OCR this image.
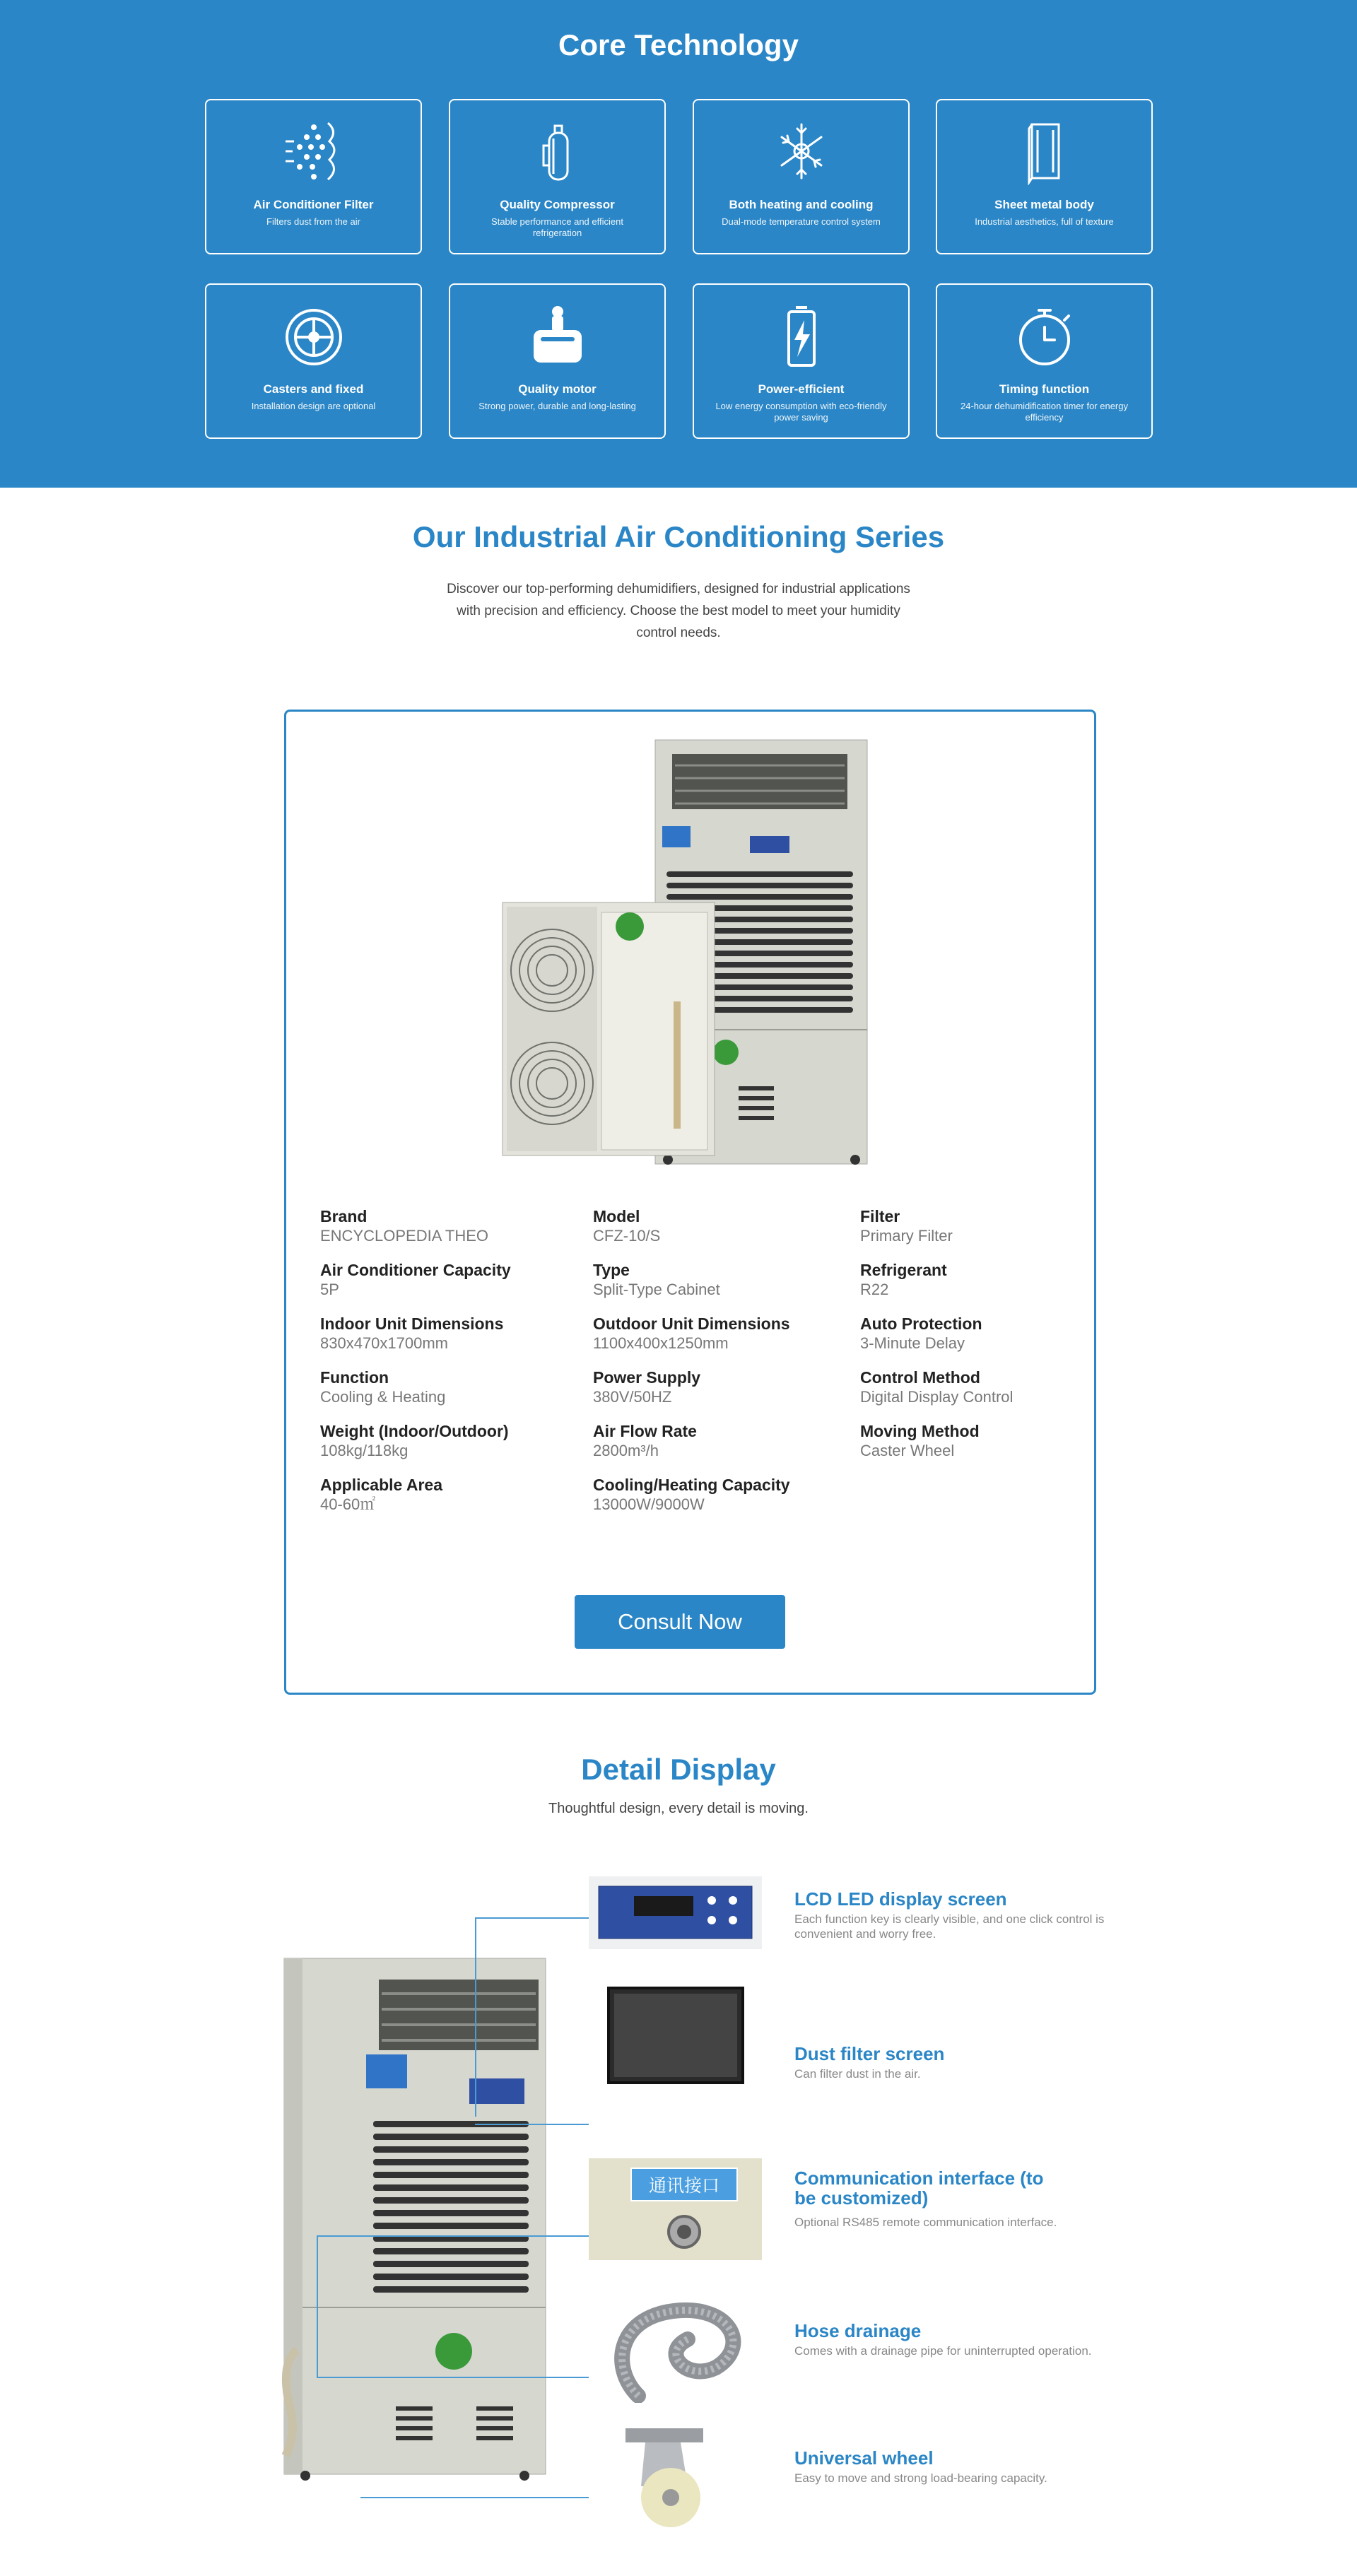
Core Technology
Air Conditioner Filter
Filters dust from the air
Quality Compressor
Stable performance and efficient refrigeration
Both heating and cooling
Dual-mode temperature control system
Sheet metal body
Industrial aesthetics, full of texture
Casters and fixed
Installation design are optional
Quality motor
Strong power, durable and long-lasting
Power-efficient
Low energy consumption with eco-friendly power saving
Timing function
24-hour dehumidification timer for energy efficiency
Our Industrial Air Conditioning Series

Discover our top-performing dehumidifiers, designed for industrial applications with precision and efficiency. Choose the best model to meet your humidity control needs.

Brand
ENCYCLOPEDIA THEO
Air Conditioner Capacity
5P
Indoor Unit Dimensions
830x470x1700mm
Function
Cooling & Heating
Weight (Indoor/Outdoor)
108kg/118kg
Applicable Area
40-60㎡
Model
CFZ-10/S
Type
Split-Type Cabinet
Outdoor Unit Dimensions
1100x400x1250mm
Power Supply
380V/50HZ
Air Flow Rate
2800m³/h
Cooling/Heating Capacity
13000W/9000W
Filter
Primary Filter
Refrigerant
R22
Auto Protection
3-Minute Delay
Control Method
Digital Display Control
Moving Method
Caster Wheel
Consult Now
Detail Display

Thoughtful design, every detail is moving.

通讯接口
LCD LED display screen
Each function key is clearly visible, and one click control is convenient and worry free.
Dust filter screen
Can filter dust in the air.
Communication interface (to be customized)
Optional RS485 remote communication interface.
Hose drainage
Comes with a drainage pipe for uninterrupted operation.
Universal wheel
Easy to move and strong load-bearing capacity.
